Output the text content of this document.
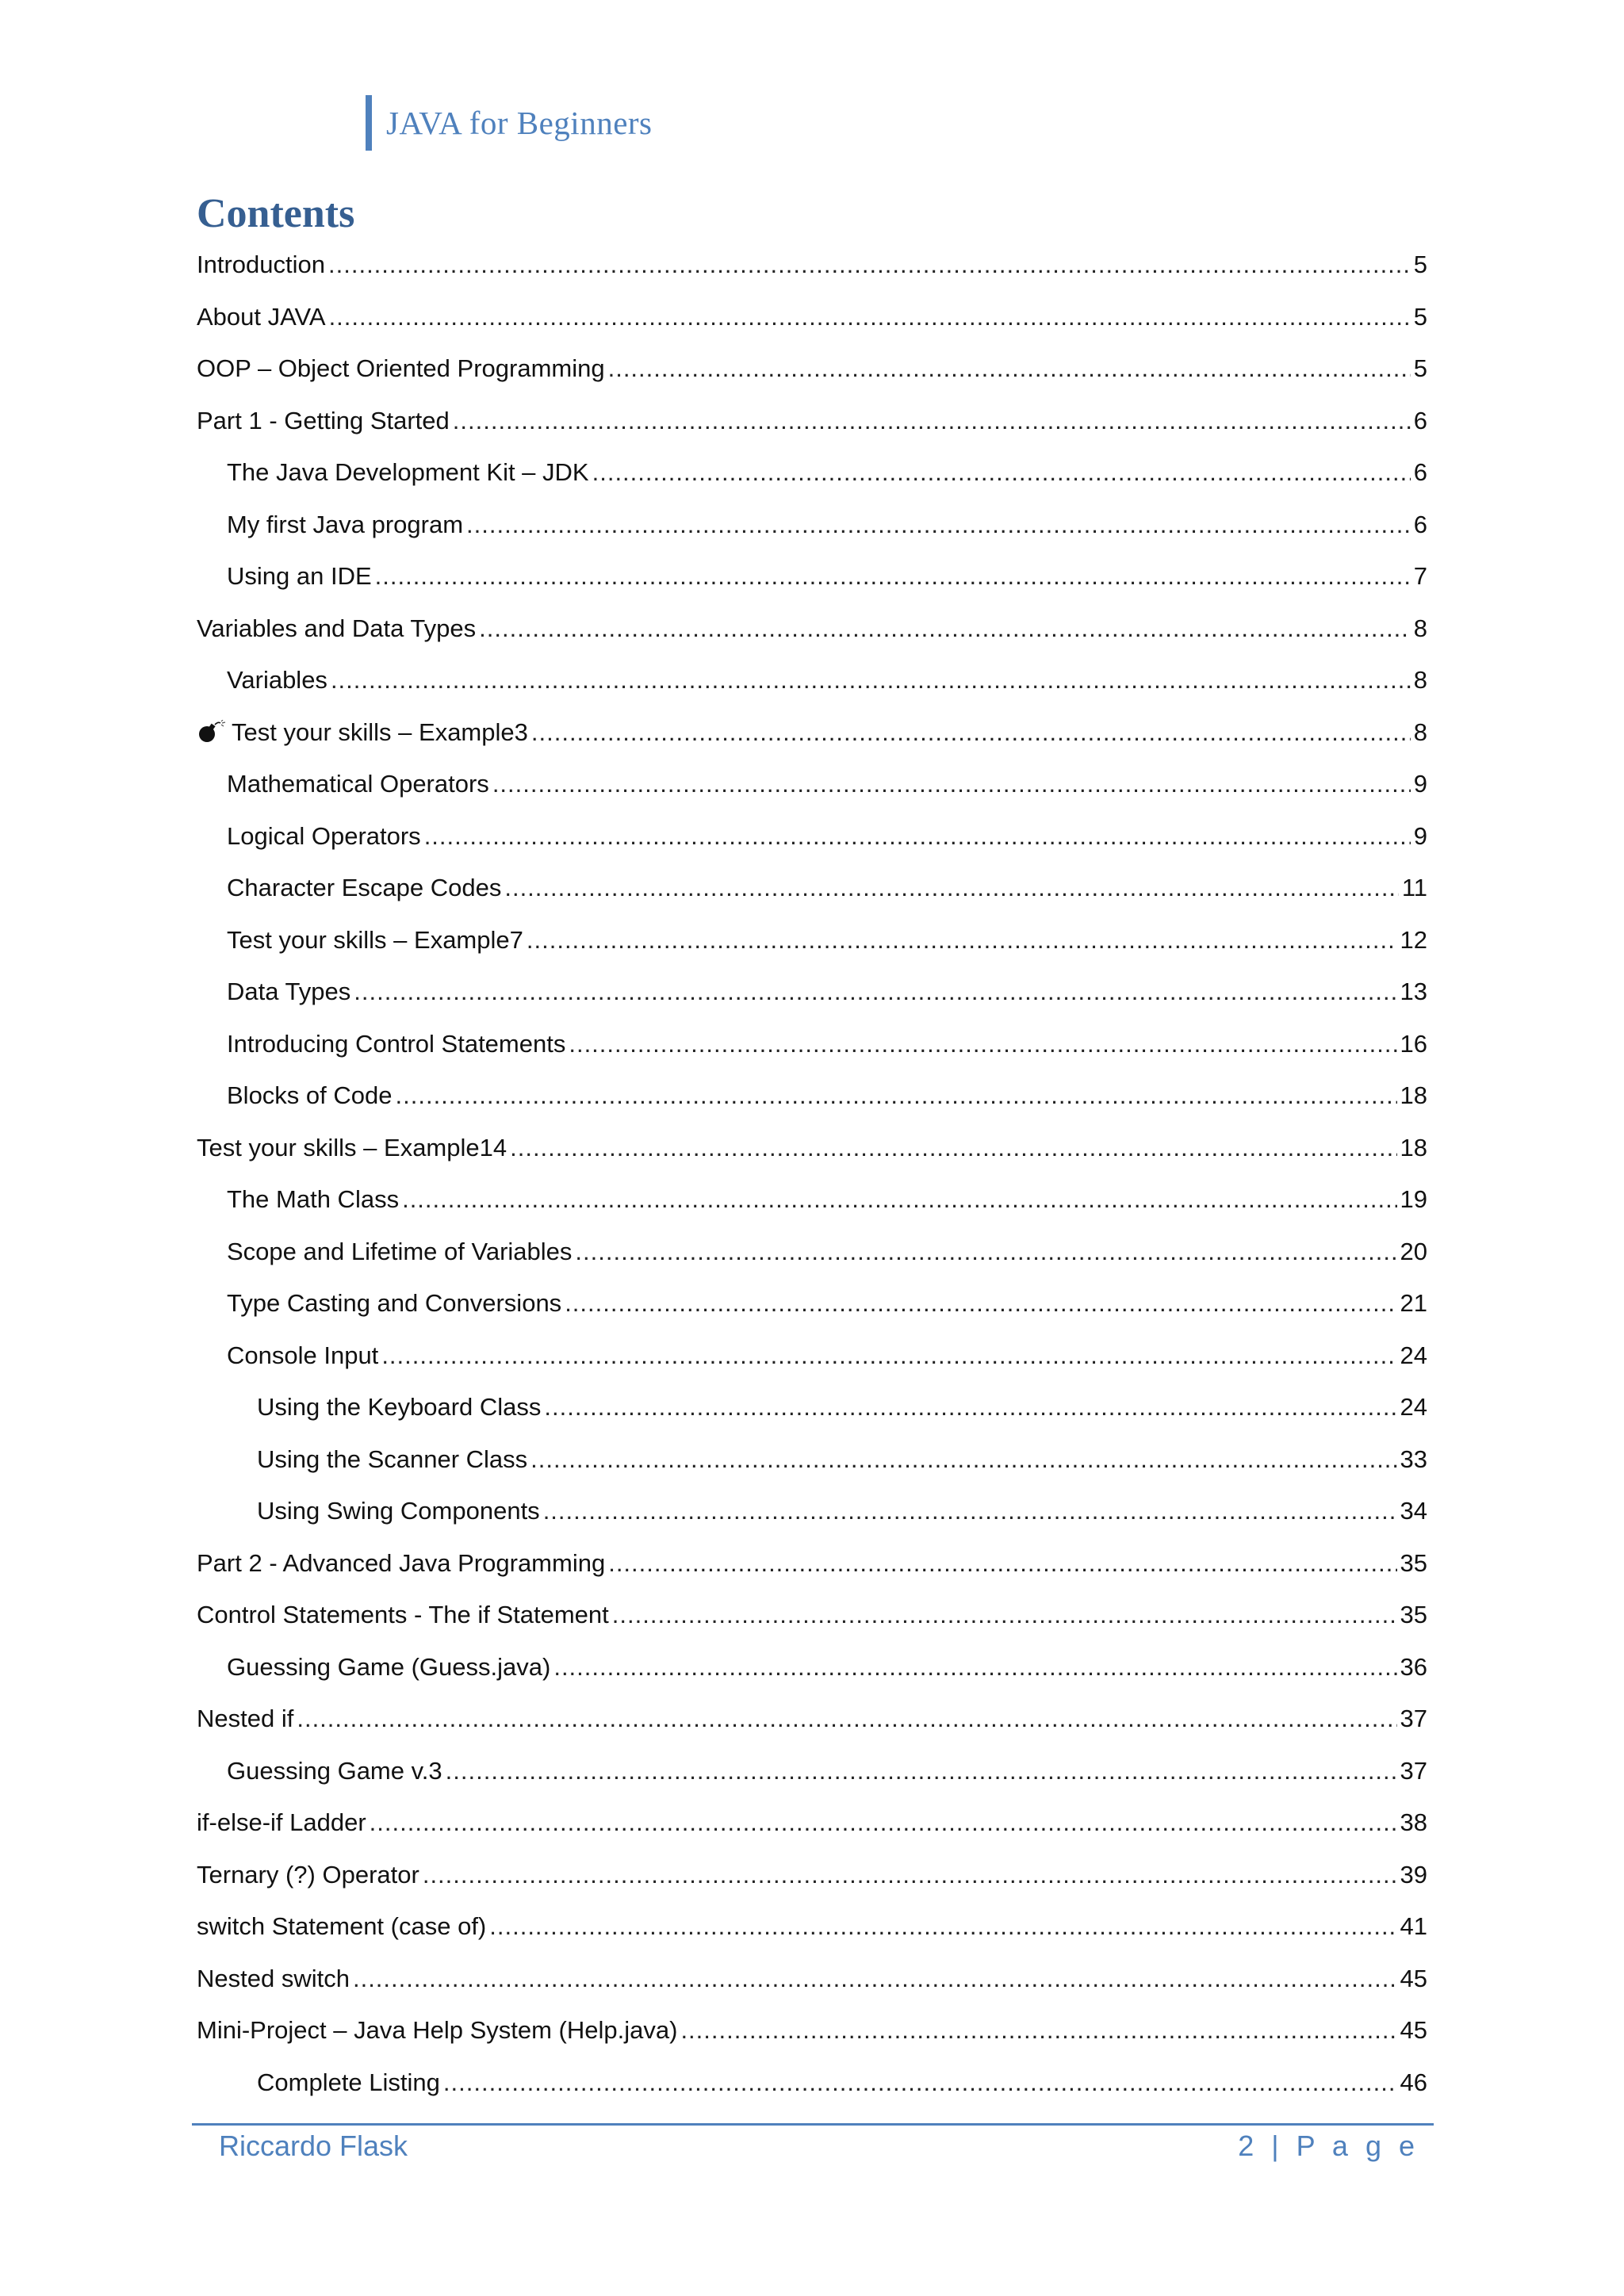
JAVA for Beginners
Contents
Introduction .....	5
About JAVA .....	5
OOP – Object Oriented Programming .....	5
Part 1 - Getting Started .....	6
The Java Development Kit – JDK .....	6
My first Java program .....	6
Using an IDE .....	7
Variables and Data Types .....	8
Variables .....	8
Test your skills – Example3 .....	8
Mathematical Operators .....	9
Logical Operators .....	9
Character Escape Codes .....	11
Test your skills – Example7 .....	12
Data Types .....	13
Introducing Control Statements .....	16
Blocks of Code .....	18
Test your skills – Example14 .....	18
The Math Class .....	19
Scope and Lifetime of Variables .....	20
Type Casting and Conversions .....	21
Console Input .....	24
Using the Keyboard Class .....	24
Using the Scanner Class .....	33
Using Swing Components .....	34
Part 2 - Advanced Java Programming .....	35
Control Statements - The if Statement .....	35
Guessing Game (Guess.java) .....	36
Nested if .....	37
Guessing Game v.3 .....	37
if-else-if Ladder .....	38
Ternary (?) Operator .....	39
switch Statement (case of) .....	41
Nested switch .....	45
Mini-Project – Java Help System (Help.java) .....	45
Complete Listing .....	46
Riccardo Flask	2 | P a g e
